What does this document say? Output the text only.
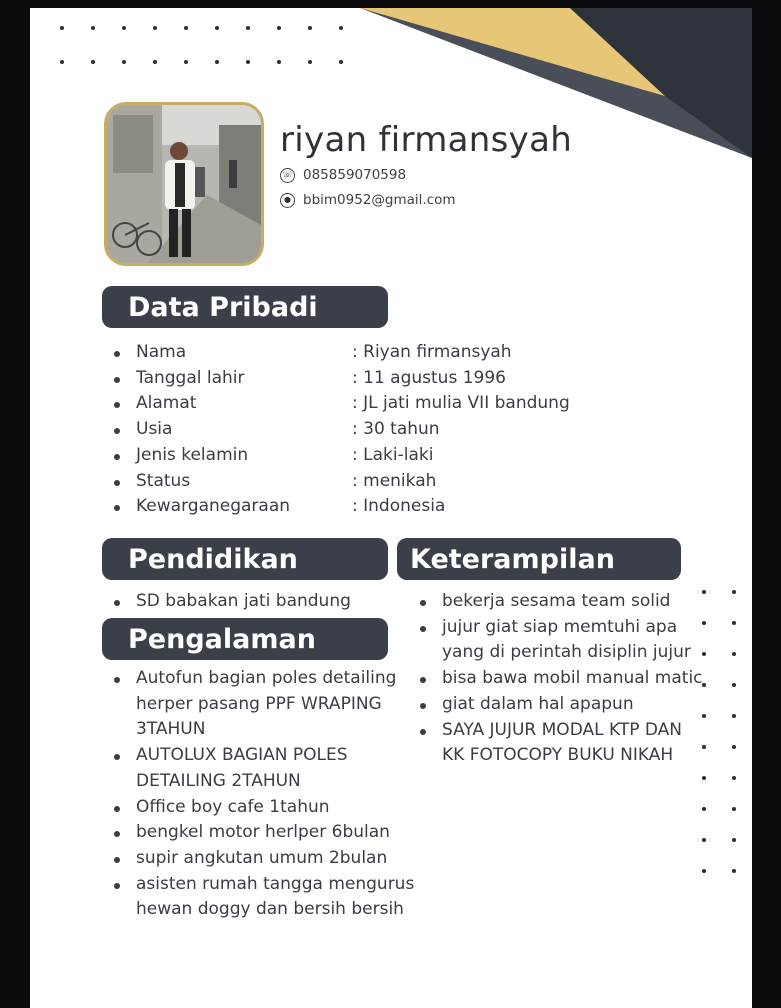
riyan firmansyah
☏ 085859070598
● bbim0952@gmail.com
Data Pribadi
Nama	: Riyan firmansyah
Tanggal lahir	: 11 agustus 1996
Alamat	: JL jati mulia VII bandung
Usia	: 30 tahun
Jenis kelamin	: Laki-laki
Status	: menikah
Kewarganegaraan	: Indonesia
Pendidikan	Keterampilan
SD babakan jati bandung
Pengalaman
Autofun bagian poles detailing
herper pasang PPF WRAPING
3TAHUN
AUTOLUX BAGIAN POLES
DETAILING 2TAHUN
Office boy cafe 1tahun
bengkel motor herlper 6bulan
supir angkutan umum 2bulan
asisten rumah tangga mengurus
hewan doggy dan bersih bersih
bekerja sesama team solid
jujur giat siap memtuhi apa
yang di perintah disiplin jujur
bisa bawa mobil manual matic
giat dalam hal apapun
SAYA JUJUR MODAL KTP DAN
KK FOTOCOPY BUKU NIKAH
